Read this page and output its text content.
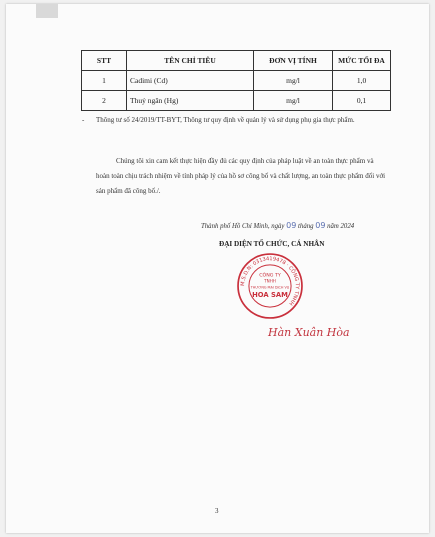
STT	TÊN CHỈ TIÊU	ĐƠN VỊ TÍNH	MỨC TỐI ĐA
1	Cadimi (Cd)	mg/l	1,0
2	Thuỷ ngân (Hg)	mg/l	0,1
- Thông tư số 24/2019/TT-BYT, Thông tư quy định về quản lý và sử dụng phụ gia thực phẩm.
Chúng tôi xin cam kết thực hiện đầy đủ các quy định của pháp luật về an toàn thực phẩm và hoàn toàn chịu trách nhiệm về tính pháp lý của hồ sơ công bố và chất lượng, an toàn thực phẩm đối với sản phẩm đã công bố./.
Thành phố Hồ Chí Minh, ngày 09 tháng 09 năm 2024
ĐẠI DIỆN TỔ CHỨC, CÁ NHÂN
M.S.D.N: 0313419478 · CÔNG TY TNHH
CÔNG TY
TNHH
THƯƠNG MẠI DỊCH VỤ
HOA SAM
Hàn Xuân Hòa
3
